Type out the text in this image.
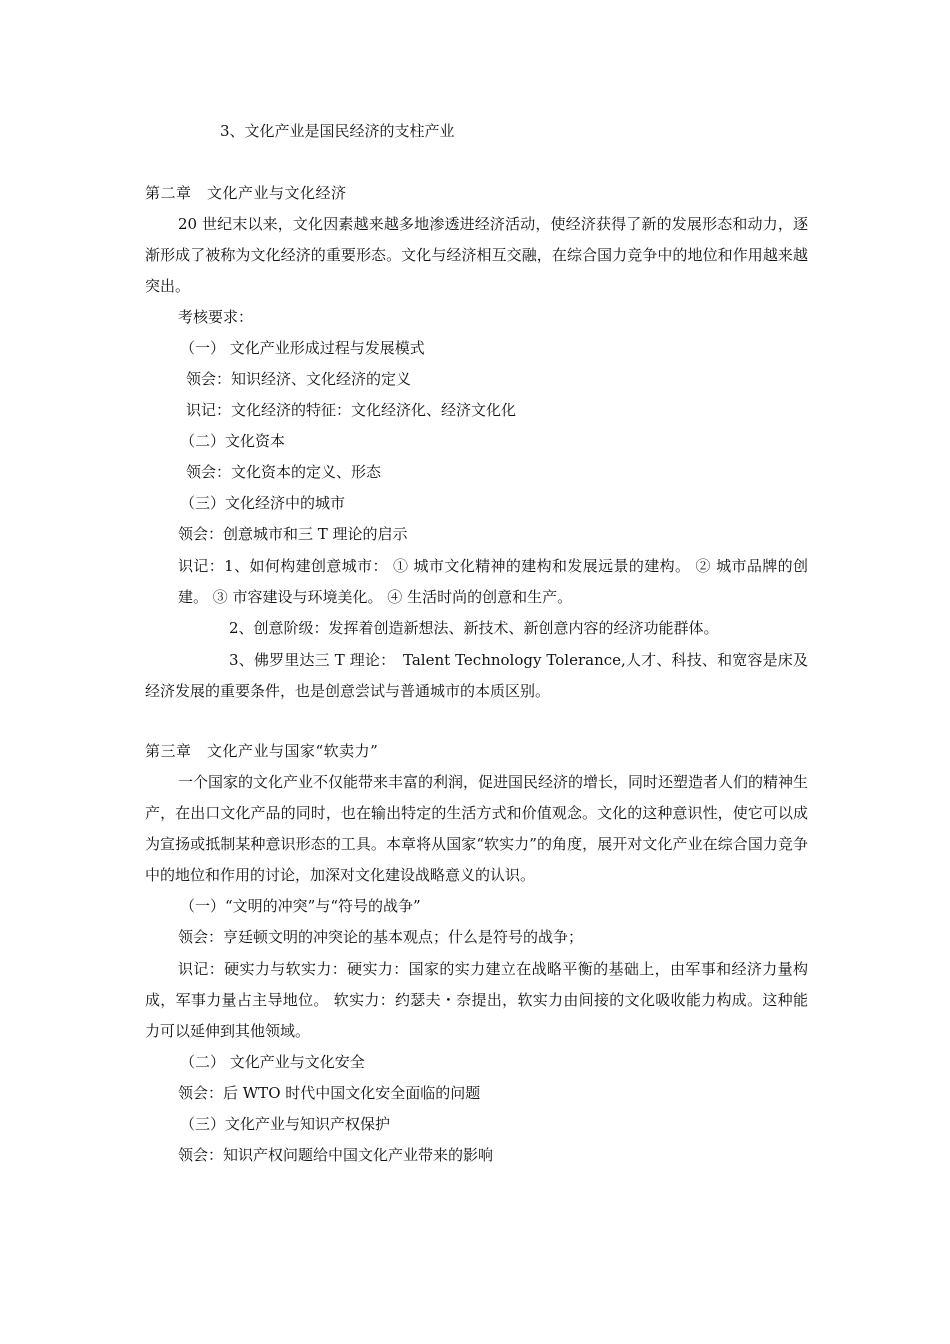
3、文化产业是国民经济的支柱产业

第二章　文化产业与文化经济

20 世纪末以来，文化因素越来越多地渗透进经济活动，使经济获得了新的发展形态和动力，逐渐形成了被称为文化经济的重要形态。文化与经济相互交融，在综合国力竞争中的地位和作用越来越突出。

考核要求：

（一） 文化产业形成过程与发展模式

领会：知识经济、文化经济的定义

识记：文化经济的特征：文化经济化、经济文化化

（二）文化资本

领会：文化资本的定义、形态

（三）文化经济中的城市

领会：创意城市和三 T 理论的启示

识记：1、如何构建创意城市： ① 城市文化精神的建构和发展远景的建构。 ② 城市品牌的创建。 ③ 市容建设与环境美化。 ④ 生活时尚的创意和生产。

2、创意阶级：发挥着创造新想法、新技术、新创意内容的经济功能群体。

3、佛罗里达三 T 理论：　Talent Technology Tolerance,人才、科技、和宽容是床及经济发展的重要条件，也是创意尝试与普通城市的本质区别。

第三章　文化产业与国家“软卖力”

一个国家的文化产业不仅能带来丰富的利润，促进国民经济的增长，同时还塑造者人们的精神生产，在出口文化产品的同时，也在输出特定的生活方式和价值观念。文化的这种意识性，使它可以成为宣扬或抵制某种意识形态的工具。本章将从国家“软实力”的角度，展开对文化产业在综合国力竞争中的地位和作用的讨论，加深对文化建设战略意义的认识。

（一）“文明的冲突”与“符号的战争”

领会：亨廷顿文明的冲突论的基本观点；什么是符号的战争；

识记：硬实力与软实力：硬实力：国家的实力建立在战略平衡的基础上，由军事和经济力量构成，军事力量占主导地位。 软实力：约瑟夫・奈提出，软实力由间接的文化吸收能力构成。这种能力可以延伸到其他领域。

（二） 文化产业与文化安全

领会：后 WTO 时代中国文化安全面临的问题

（三）文化产业与知识产权保护

领会：知识产权问题给中国文化产业带来的影响
